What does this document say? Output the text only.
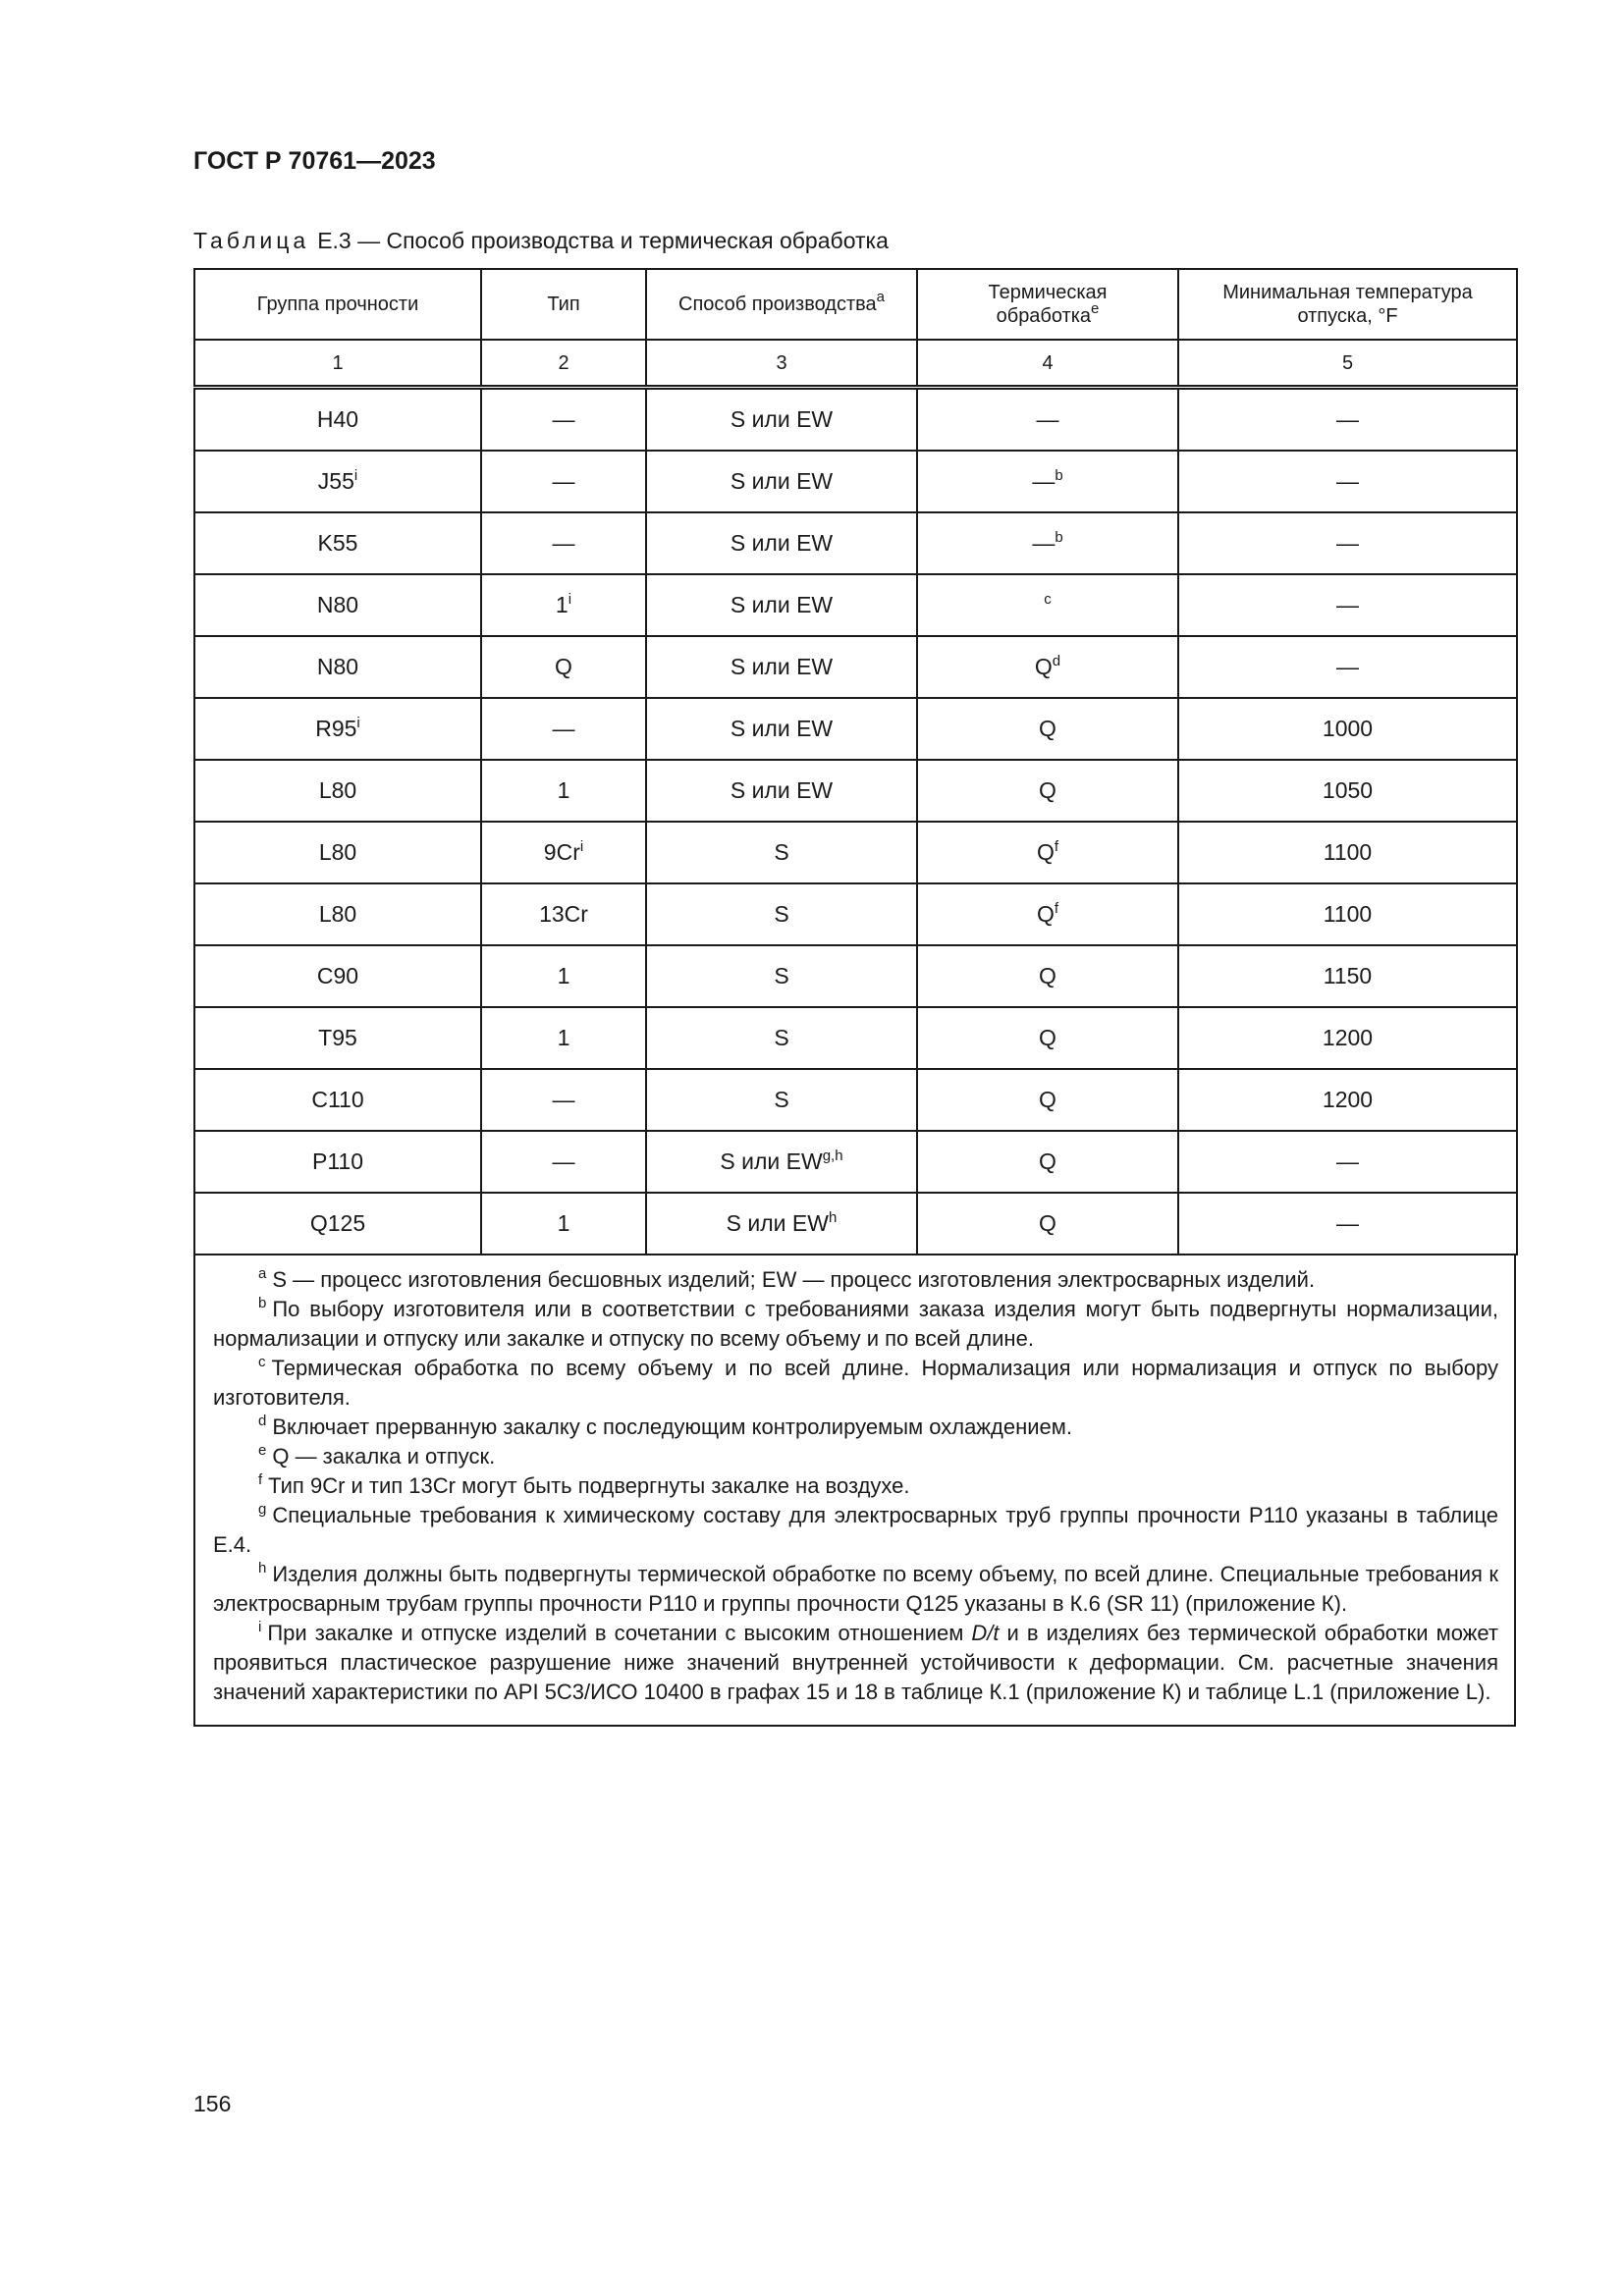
ГОСТ Р 70761—2023
Таблица Е.3 — Способ производства и термическая обработка
Группа прочности	Тип	Способ производства$^a$	Термическая обработка$^e$	Минимальная температура отпуска, °F
1	2	3	4	5
H40	—	S или EW	—	—
J55$^i$	—	S или EW	—$^b$	—
K55	—	S или EW	—$^b$	—
N80	1$^i$	S или EW	$^c$	—
N80	Q	S или EW	$Q^d$	—
R95$^i$	—	S или EW	Q	1000
L80	1	S или EW	Q	1050
L80	9Cr$^i$	S	$Q^f$	1100
L80	13Cr	S	$Q^f$	1100
C90	1	S	Q	1150
T95	1	S	Q	1200
C110	—	S	Q	1200
P110	—	S или EW$^{g,h}$	Q	—
Q125	1	S или $EW^h$	Q	—

$^a$ S — процесс изготовления бесшовных изделий; EW — процесс изготовления электросварных изделий.

$^b$ По выбору изготовителя или в соответствии с требованиями заказа изделия могут быть подвергнуты нормализации, нормализации и отпуску или закалке и отпуску по всему объему и по всей длине.

$^c$ Термическая обработка по всему объему и по всей длине. Нормализация или нормализация и отпуск по выбору изготовителя.

$^d$ Включает прерванную закалку с последующим контролируемым охлаждением.

$^e$ Q — закалка и отпуск.

$^f$ Тип 9Cr и тип 13Cr могут быть подвергнуты закалке на воздухе.

$^g$ Специальные требования к химическому составу для электросварных труб группы прочности P110 указаны в таблице Е.4.

$^h$ Изделия должны быть подвергнуты термической обработке по всему объему, по всей длине. Специальные требования к электросварным трубам группы прочности P110 и группы прочности Q125 указаны в К.6 (SR 11) (приложение К).

$^i$ При закалке и отпуске изделий в сочетании с высоким отношением D/t и в изделиях без термической обработки может проявиться пластическое разрушение ниже значений внутренней устойчивости к деформации. См. расчетные значения значений характеристики по API 5C3/ИСО 10400 в графах 15 и 18 в таблице К.1 (приложение К) и таблице L.1 (приложение L).

156
